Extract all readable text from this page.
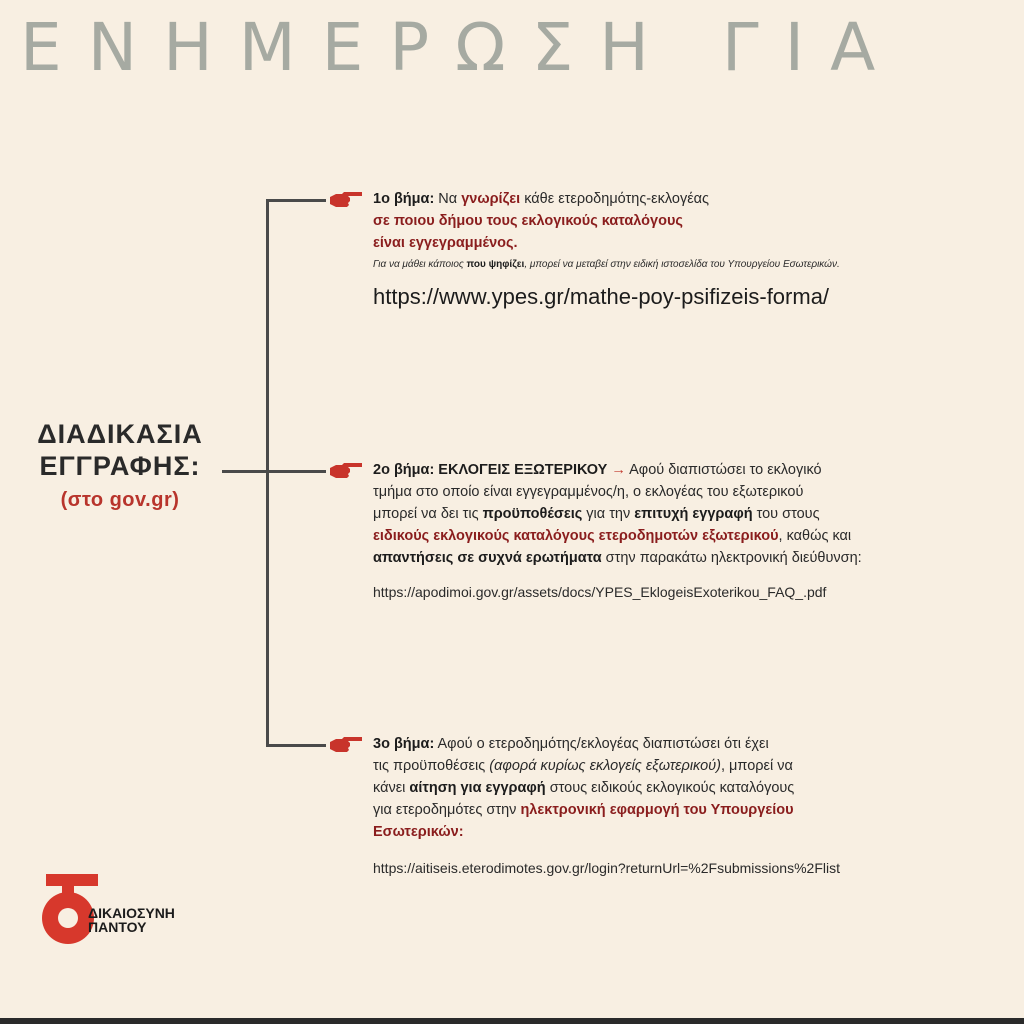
ΕΝΗΜΕΡΩΣΗ ΓΙΑ
ΔΙΑΔΙΚΑΣΙΑ
ΕΓΓΡΑΦΗΣ:
(στο gov.gr)
1ο βήμα: Να γνωρίζει κάθε ετεροδημότης-εκλογέας
σε ποιου δήμου τους εκλογικούς καταλόγους
είναι εγγεγραμμένος.
Για να μάθει κάποιος που ψηφίζει, μπορεί να μεταβεί στην ειδική ιστοσελίδα του Υπουργείου Εσωτερικών.
https://www.ypes.gr/mathe-poy-psifizeis-forma/
2ο βήμα: ΕΚΛΟΓΕΙΣ ΕΞΩΤΕΡΙΚΟΥ → Αφού διαπιστώσει το εκλογικό
τμήμα στο οποίο είναι εγγεγραμμένος/η, ο εκλογέας του εξωτερικού
μπορεί να δει τις προϋποθέσεις για την επιτυχή εγγραφή του στους
ειδικούς εκλογικούς καταλόγους ετεροδημοτών εξωτερικού, καθώς και
απαντήσεις σε συχνά ερωτήματα στην παρακάτω ηλεκτρονική διεύθυνση:
https://apodimoi.gov.gr/assets/docs/YPES_EklogeisExoterikou_FAQ_.pdf
3ο βήμα: Αφού ο ετεροδημότης/εκλογέας διαπιστώσει ότι έχει
τις προϋποθέσεις (αφορά κυρίως εκλογείς εξωτερικού), μπορεί να
κάνει αίτηση για εγγραφή στους ειδικούς εκλογικούς καταλόγους
για ετεροδημότες στην ηλεκτρονική εφαρμογή του Υπουργείου
Εσωτερικών:
https://aitiseis.eterodimotes.gov.gr/login?returnUrl=%2Fsubmissions%2Flist
ΔΙΚΑΙΟΣΥΝΗ
ΠΑΝΤΟΥ
